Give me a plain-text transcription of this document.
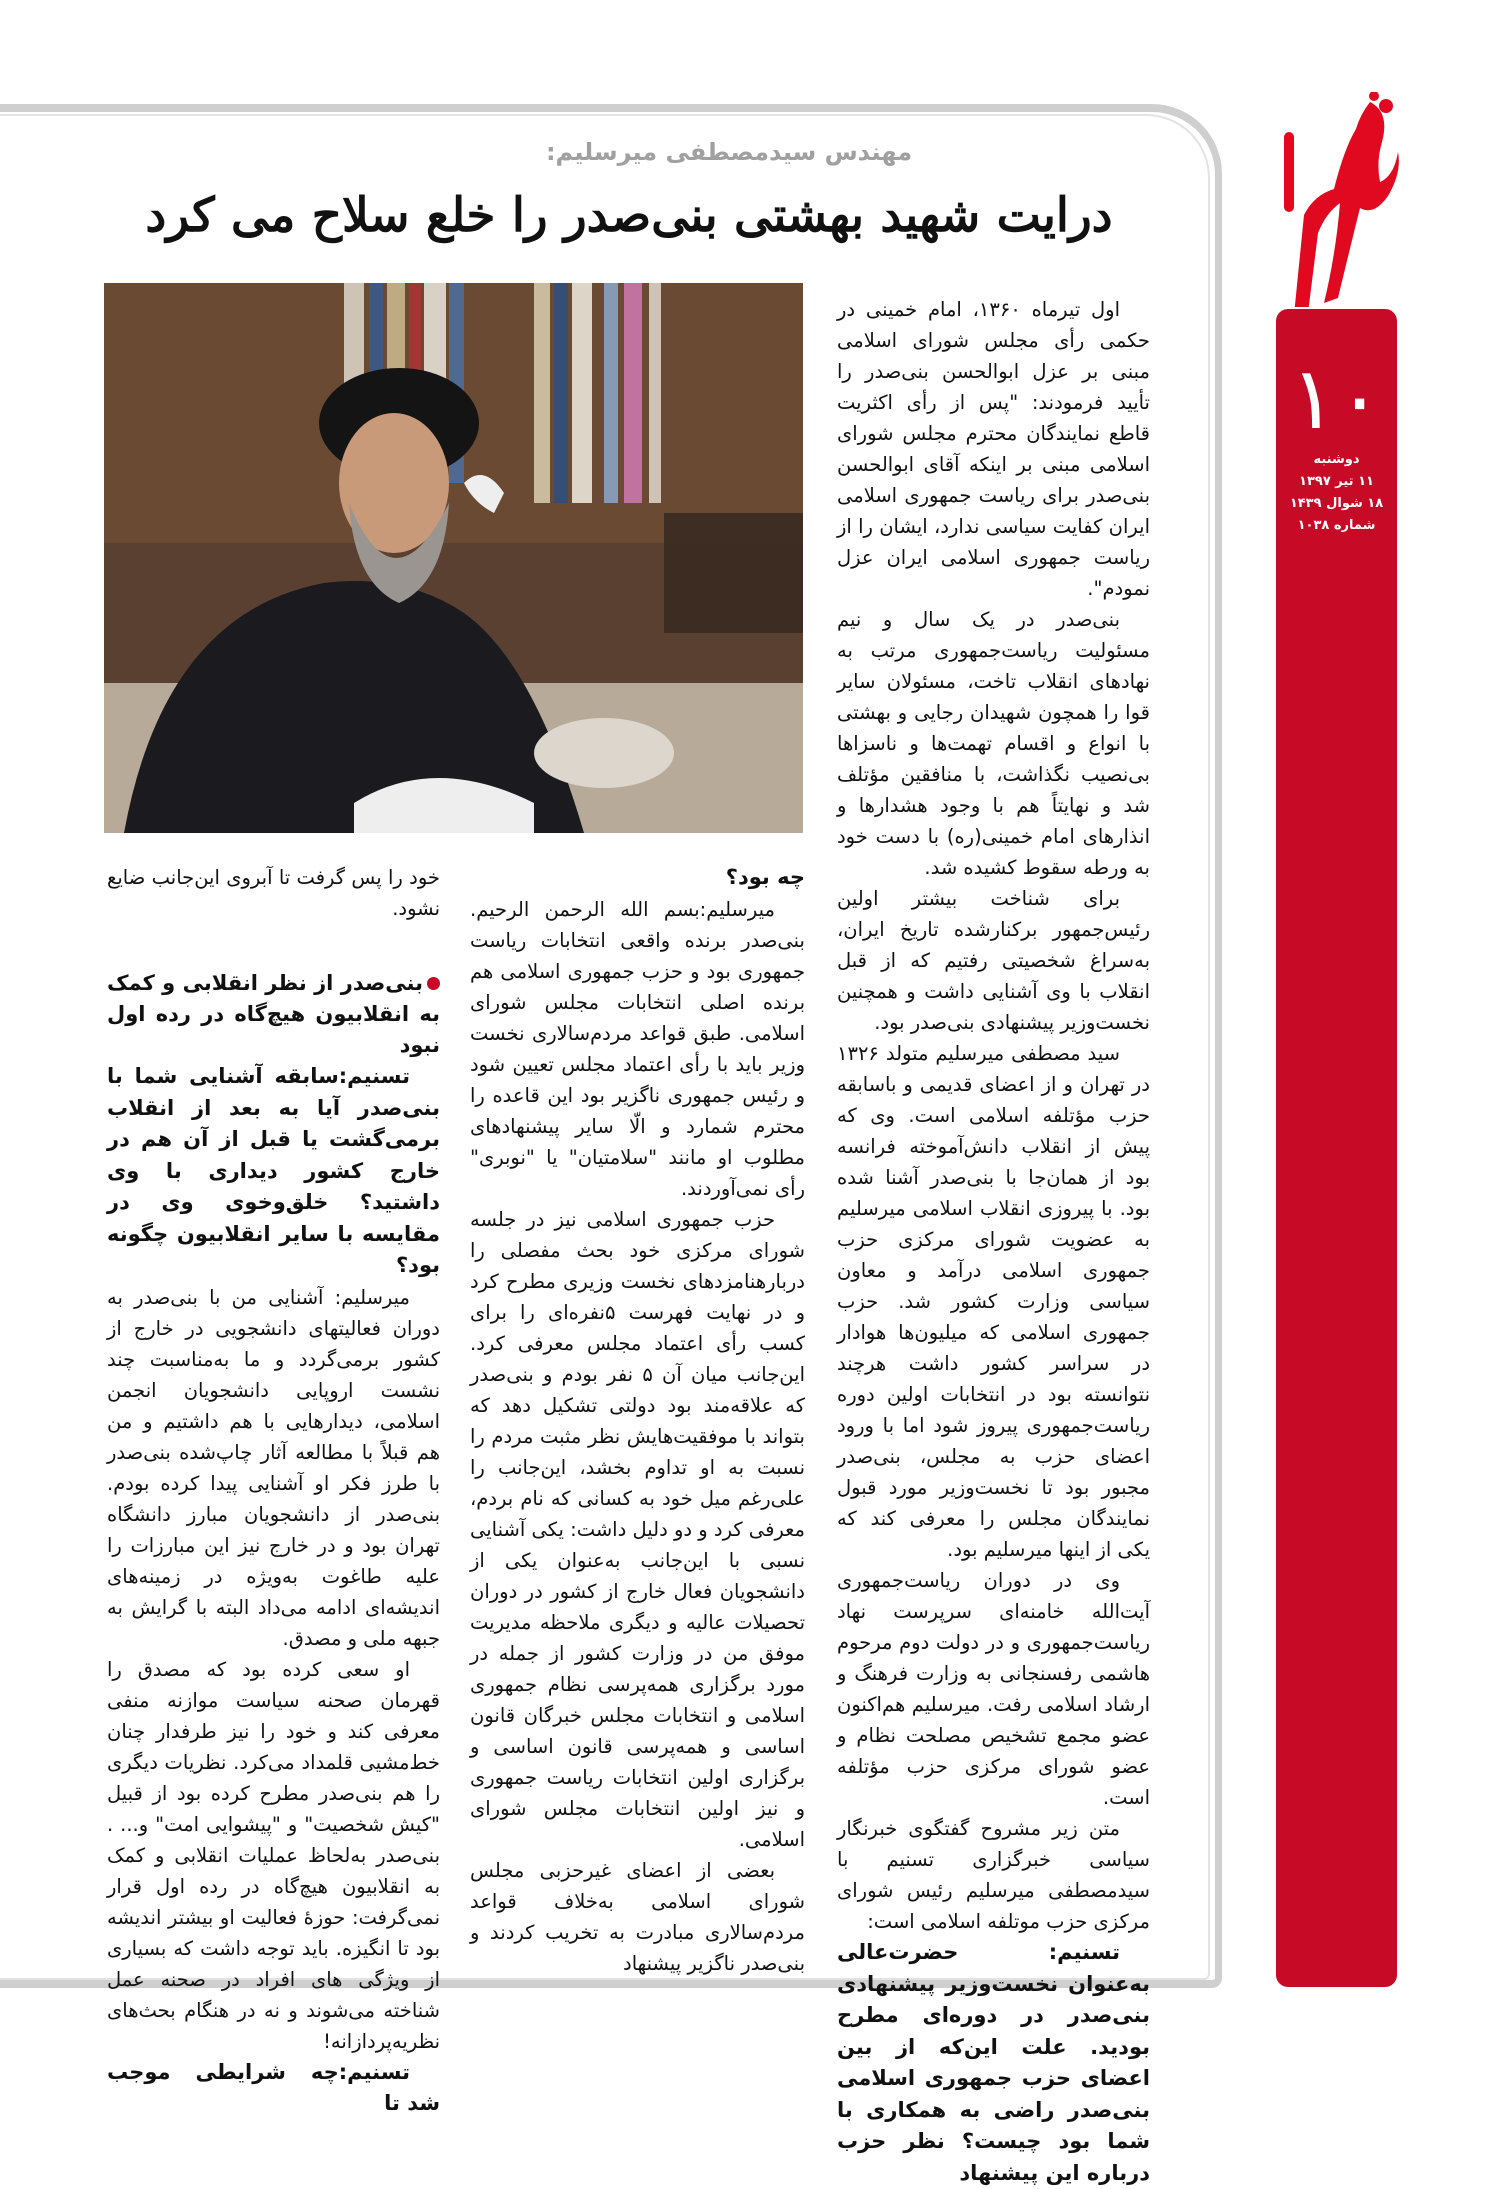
۱۰
دوشنبه
۱۱ تیر ۱۳۹۷
۱۸ شوال ۱۴۳۹
شماره ۱۰۳۸
مهندس سیدمصطفی میرسلیم:
درایت شهید بهشتی بنی‌صدر را خلع سلاح می کرد

اول تیرماه ۱۳۶۰، امام خمینی در حکمی رأی مجلس شورای اسلامی مبنی بر عزل ابوالحسن بنی‌صدر را تأیید فرمودند: "پس از رأی اکثریت قاطع نمایندگان محترم مجلس شورای اسلامی مبنی بر اینکه آقای ابوالحسن بنی‌صدر برای ریاست جمهوری اسلامی ایران کفایت سیاسی ندارد، ایشان را از ریاست جمهوری اسلامی ایران عزل نمودم".

بنی‌صدر در یک سال و نیم مسئولیت ریاست‌جمهوری مرتب به نهادهای انقلاب تاخت، مسئولان سایر قوا را همچون شهیدان رجایی و بهشتی با انواع و اقسام تهمت‌ها و ناسزاها بی‌نصیب نگذاشت، با منافقین مؤتلف شد و نهایتاً هم با وجود هشدارها و انذارهای امام خمینی(ره) با دست خود به ورطه سقوط کشیده شد.

برای شناخت بیشتر اولین رئیس‌جمهور برکنارشده تاریخ ایران، به‌سراغ شخصیتی رفتیم که از قبل انقلاب با وی آشنایی داشت و همچنین نخست‌وزیر پیشنهادی بنی‌صدر بود.

سید مصطفی میرسلیم متولد ۱۳۲۶ در تهران و از اعضای قدیمی و باسابقه حزب مؤتلفه اسلامی است. وی که پیش از انقلاب دانش‌آموخته فرانسه بود از همان‌جا با بنی‌صدر آشنا شده بود. با پیروزی انقلاب اسلامی میرسلیم به عضویت شورای مرکزی حزب جمهوری اسلامی درآمد و معاون سیاسی وزارت کشور شد. حزب جمهوری اسلامی که میلیون‌ها هوادار در سراسر کشور داشت هرچند نتوانسته بود در انتخابات اولین دوره ریاست‌جمهوری پیروز شود اما با ورود اعضای حزب به مجلس، بنی‌صدر مجبور بود تا نخست‌وزیر مورد قبول نمایندگان مجلس را معرفی کند که یکی از اینها میرسلیم بود.

وی در دوران ریاست‌جمهوری آیت‌الله خامنه‌ای سرپرست نهاد ریاست‌جمهوری و در دولت دوم مرحوم هاشمی رفسنجانی به وزارت فرهنگ و ارشاد اسلامی رفت. میرسلیم هم‌اکنون عضو مجمع تشخیص مصلحت نظام و عضو شورای مرکزی حزب مؤتلفه است.

متن زیر مشروح گفتگوی خبرنگار سیاسی خبرگزاری تسنیم با سیدمصطفی میرسلیم رئیس شورای مرکزی حزب موتلفه اسلامی است:

تسنیم: حضرت‌عالی به‌عنوان نخست‌وزیر پیشنهادی بنی‌صدر در دوره‌ای مطرح بودید. علت این‌که از بین اعضای حزب جمهوری اسلامی بنی‌صدر راضی به همکاری با شما بود چیست؟ نظر حزب درباره این پیشنهاد

چه بود؟

میرسلیم:بسم الله الرحمن الرحیم. بنی‌صدر برنده واقعی انتخابات ریاست جمهوری بود و حزب جمهوری اسلامی هم برنده اصلی انتخابات مجلس شورای اسلامی. طبق قواعد مردم‌سالاری نخست وزیر باید با رأی اعتماد مجلس تعیین شود و رئیس جمهوری ناگزیر بود این قاعده را محترم شمارد و الّا سایر پیشنهادهای مطلوب او مانند "سلامتیان" یا "نوبری" رأی نمی‌آوردند.

حزب جمهوری اسلامی نیز در جلسه شورای مرکزی خود بحث مفصلی را دربارهنامزدهای نخست وزیری مطرح کرد و در نهایت فهرست ۵نفره‌ای را برای کسب رأی اعتماد مجلس معرفی کرد. این‌جانب میان آن ۵ نفر بودم و بنی‌صدر که علاقه‌مند بود دولتی تشکیل دهد که بتواند با موفقیت‌هایش نظر مثبت مردم را نسبت به او تداوم بخشد، این‌جانب را علی‌رغم میل خود به کسانی که نام بردم، معرفی کرد و دو دلیل داشت: یکی آشنایی نسبی با این‌جانب به‌عنوان یکی از دانشجویان فعال خارج از کشور در دوران تحصیلات عالیه و دیگری ملاحظه مدیریت موفق من در وزارت کشور از جمله در مورد برگزاری همه‌پرسی نظام جمهوری اسلامی و انتخابات مجلس خبرگان قانون اساسی و همه‌پرسی قانون اساسی و برگزاری اولین انتخابات ریاست جمهوری و نیز اولین انتخابات مجلس شورای اسلامی.

بعضی از اعضای غیرحزبی مجلس شورای اسلامی به‌خلاف قواعد مردم‌سالاری مبادرت به تخریب کردند و بنی‌صدر ناگزیر پیشنهاد

خود را پس گرفت تا آبروی این‌جانب ضایع نشود.

بنی‌صدر از نظر انقلابی و کمک به انقلابیون هیچ‌گاه در رده اول نبود

تسنیم:سابقه آشنایی شما با بنی‌صدر آیا به بعد از انقلاب برمی‌گشت یا قبل از آن هم در خارج کشور دیداری با وی داشتید؟ خلق‌وخوی وی در مقایسه با سایر انقلابیون چگونه بود؟

میرسلیم: آشنایی من با بنی‌صدر به دوران فعالیتهای دانشجویی در خارج از کشور برمی‌گردد و ما به‌مناسبت چند نشست اروپایی دانشجویان انجمن اسلامی، دیدارهایی با هم داشتیم و من هم قبلاً با مطالعه آثار چاپ‌شده بنی‌صدر با طرز فکر او آشنایی پیدا کرده بودم. بنی‌صدر از دانشجویان مبارز دانشگاه تهران بود و در خارج نیز این مبارزات را علیه طاغوت به‌ویژه در زمینه‌های اندیشه‌ای ادامه می‌داد البته با گرایش به جبهه ملی و مصدق.

او سعی کرده بود که مصدق را قهرمان صحنه سیاست موازنه منفی معرفی کند و خود را نیز طرفدار چنان خط‌مشیی قلمداد می‌کرد. نظریات دیگری را هم بنی‌صدر مطرح کرده بود از قبیل "کیش شخصیت" و "پیشوایی امت" و... . بنی‌صدر به‌لحاظ عملیات انقلابی و کمک به انقلابیون هیچ‌گاه در رده اول قرار نمی‌گرفت: حوزهٔ فعالیت او بیشتر اندیشه بود تا انگیزه. باید توجه داشت که بسیاری از ویژگی های افراد در صحنه عمل شناخته می‌شوند و نه در هنگام بحث‌های نظریه‌پردازانه!

تسنیم:چه شرایطی موجب شد تا
